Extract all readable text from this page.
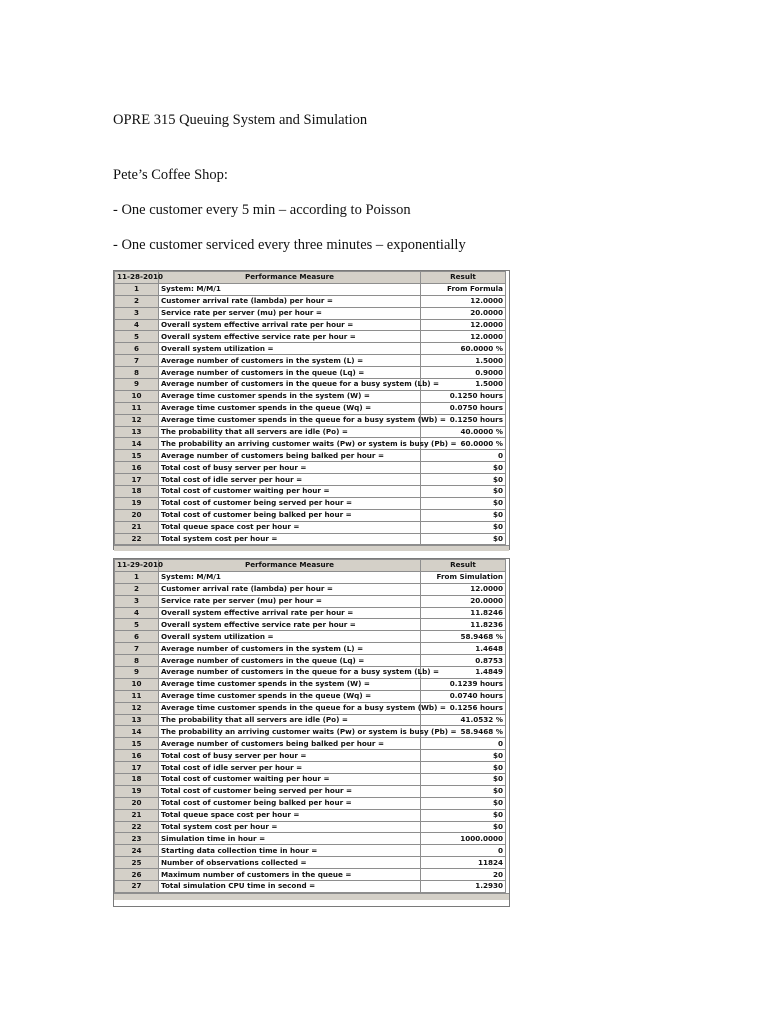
OPRE 315 Queuing System and Simulation
Pete’s Coffee Shop:
- One customer every 5 min – according to Poisson
- One customer serviced every three minutes – exponentially
11-28-2010	Performance Measure	Result
1	System: M/M/1	From Formula
2	Customer arrival rate (lambda) per hour =	12.0000
3	Service rate per server (mu) per hour =	20.0000
4	Overall system effective arrival rate per hour =	12.0000
5	Overall system effective service rate per hour =	12.0000
6	Overall system utilization =	60.0000 %
7	Average number of customers in the system (L) =	1.5000
8	Average number of customers in the queue (Lq) =	0.9000
9	Average number of customers in the queue for a busy system (Lb) =	1.5000
10	Average time customer spends in the system (W) =	0.1250 hours
11	Average time customer spends in the queue (Wq) =	0.0750 hours
12	Average time customer spends in the queue for a busy system (Wb) =	0.1250 hours
13	The probability that all servers are idle (Po) =	40.0000 %
14	The probability an arriving customer waits (Pw) or system is busy (Pb) =	60.0000 %
15	Average number of customers being balked per hour =	0
16	Total cost of busy server per hour =	$0
17	Total cost of idle server per hour =	$0
18	Total cost of customer waiting per hour =	$0
19	Total cost of customer being served per hour =	$0
20	Total cost of customer being balked per hour =	$0
21	Total queue space cost per hour =	$0
22	Total system cost per hour =	$0
11-29-2010	Performance Measure	Result
1	System: M/M/1	From Simulation
2	Customer arrival rate (lambda) per hour =	12.0000
3	Service rate per server (mu) per hour =	20.0000
4	Overall system effective arrival rate per hour =	11.8246
5	Overall system effective service rate per hour =	11.8236
6	Overall system utilization =	58.9468 %
7	Average number of customers in the system (L) =	1.4648
8	Average number of customers in the queue (Lq) =	0.8753
9	Average number of customers in the queue for a busy system (Lb) =	1.4849
10	Average time customer spends in the system (W) =	0.1239 hours
11	Average time customer spends in the queue (Wq) =	0.0740 hours
12	Average time customer spends in the queue for a busy system (Wb) =	0.1256 hours
13	The probability that all servers are idle (Po) =	41.0532 %
14	The probability an arriving customer waits (Pw) or system is busy (Pb) =	58.9468 %
15	Average number of customers being balked per hour =	0
16	Total cost of busy server per hour =	$0
17	Total cost of idle server per hour =	$0
18	Total cost of customer waiting per hour =	$0
19	Total cost of customer being served per hour =	$0
20	Total cost of customer being balked per hour =	$0
21	Total queue space cost per hour =	$0
22	Total system cost per hour =	$0
23	Simulation time in hour =	1000.0000
24	Starting data collection time in hour =	0
25	Number of observations collected =	11824
26	Maximum number of customers in the queue =	20
27	Total simulation CPU time in second =	1.2930
